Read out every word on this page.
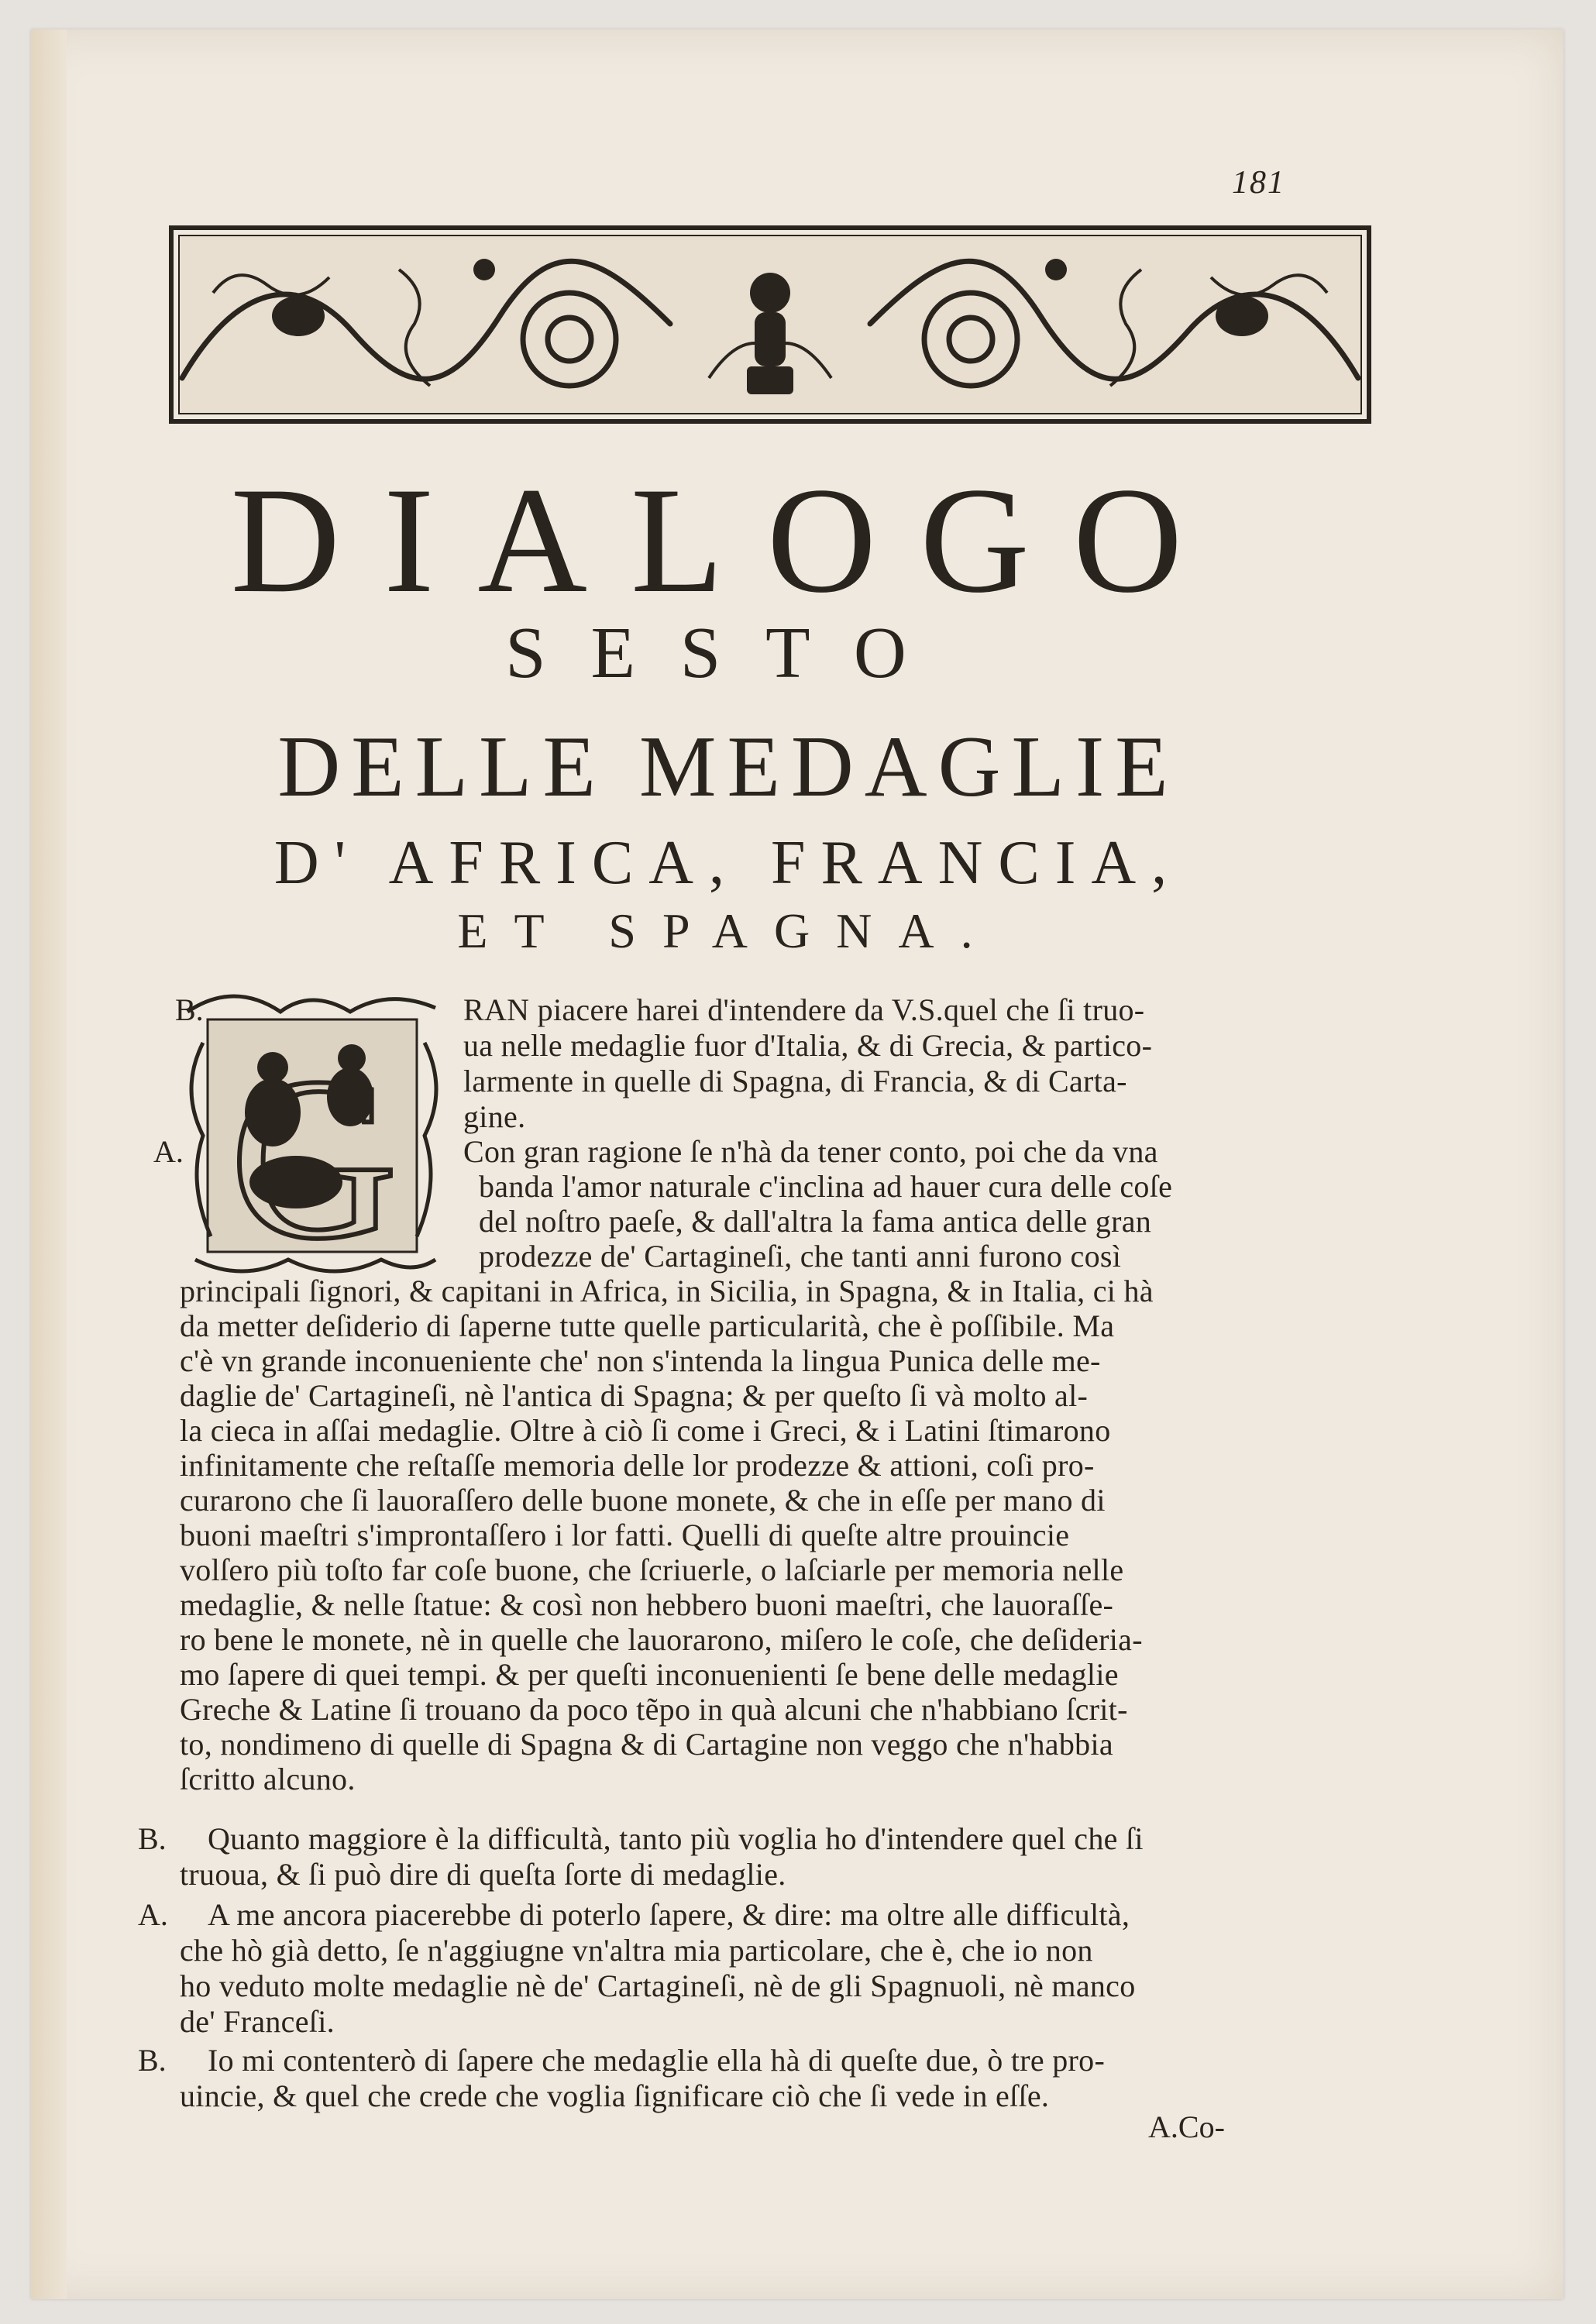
181
DIALOGO
SESTO
DELLE MEDAGLIE
D' AFRICA, FRANCIA,
ET SPAGNA.
G
B.
A.
B.
A.
B.
RAN piacere harei d'intendere da V.S.quel che ſi truo-
ua nelle medaglie fuor d'Italia, & di Grecia, & partico-
larmente in quelle di Spagna, di Francia, & di Carta-
gine.
Con gran ragione ſe n'hà da tener conto, poi che da vna
banda l'amor naturale c'inclina ad hauer cura delle coſe
del noſtro paeſe, & dall'altra la fama antica delle gran
prodezze de' Cartagineſi, che tanti anni furono così
principali ſignori, & capitani in Africa, in Sicilia, in Spagna, & in Italia, ci hà
da metter deſiderio di ſaperne tutte quelle particularità, che è poſſibile. Ma
c'è vn grande inconueniente che' non s'intenda la lingua Punica delle me-
daglie de' Cartagineſi, nè l'antica di Spagna; & per queſto ſi và molto al-
la cieca in aſſai medaglie. Oltre à ciò ſi come i Greci, & i Latini ſtimarono
infinitamente che reſtaſſe memoria delle lor prodezze & attioni, coſi pro-
curarono che ſi lauoraſſero delle buone monete, & che in eſſe per mano di
buoni maeſtri s'improntaſſero i lor fatti. Quelli di queſte altre prouincie
volſero più toſto far coſe buone, che ſcriuerle, o laſciarle per memoria nelle
medaglie, & nelle ſtatue: & così non hebbero buoni maeſtri, che lauoraſſe-
ro bene le monete, nè in quelle che lauorarono, miſero le coſe, che deſideria-
mo ſapere di quei tempi. & per queſti inconuenienti ſe bene delle medaglie
Greche & Latine ſi trouano da poco tẽpo in quà alcuni che n'habbiano ſcrit-
to, nondimeno di quelle di Spagna & di Cartagine non veggo che n'habbia
ſcritto alcuno.
Quanto maggiore è la difficultà, tanto più voglia ho d'intendere quel che ſi
truoua, & ſi può dire di queſta ſorte di medaglie.
A me ancora piacerebbe di poterlo ſapere, & dire: ma oltre alle difficultà,
che hò già detto, ſe n'aggiugne vn'altra mia particolare, che è, che io non
ho veduto molte medaglie nè de' Cartagineſi, nè de gli Spagnuoli, nè manco
de' Franceſi.
Io mi contenterò di ſapere che medaglie ella hà di queſte due, ò tre pro-
uincie, & quel che crede che voglia ſignificare ciò che ſi vede in eſſe.
A.Co-
